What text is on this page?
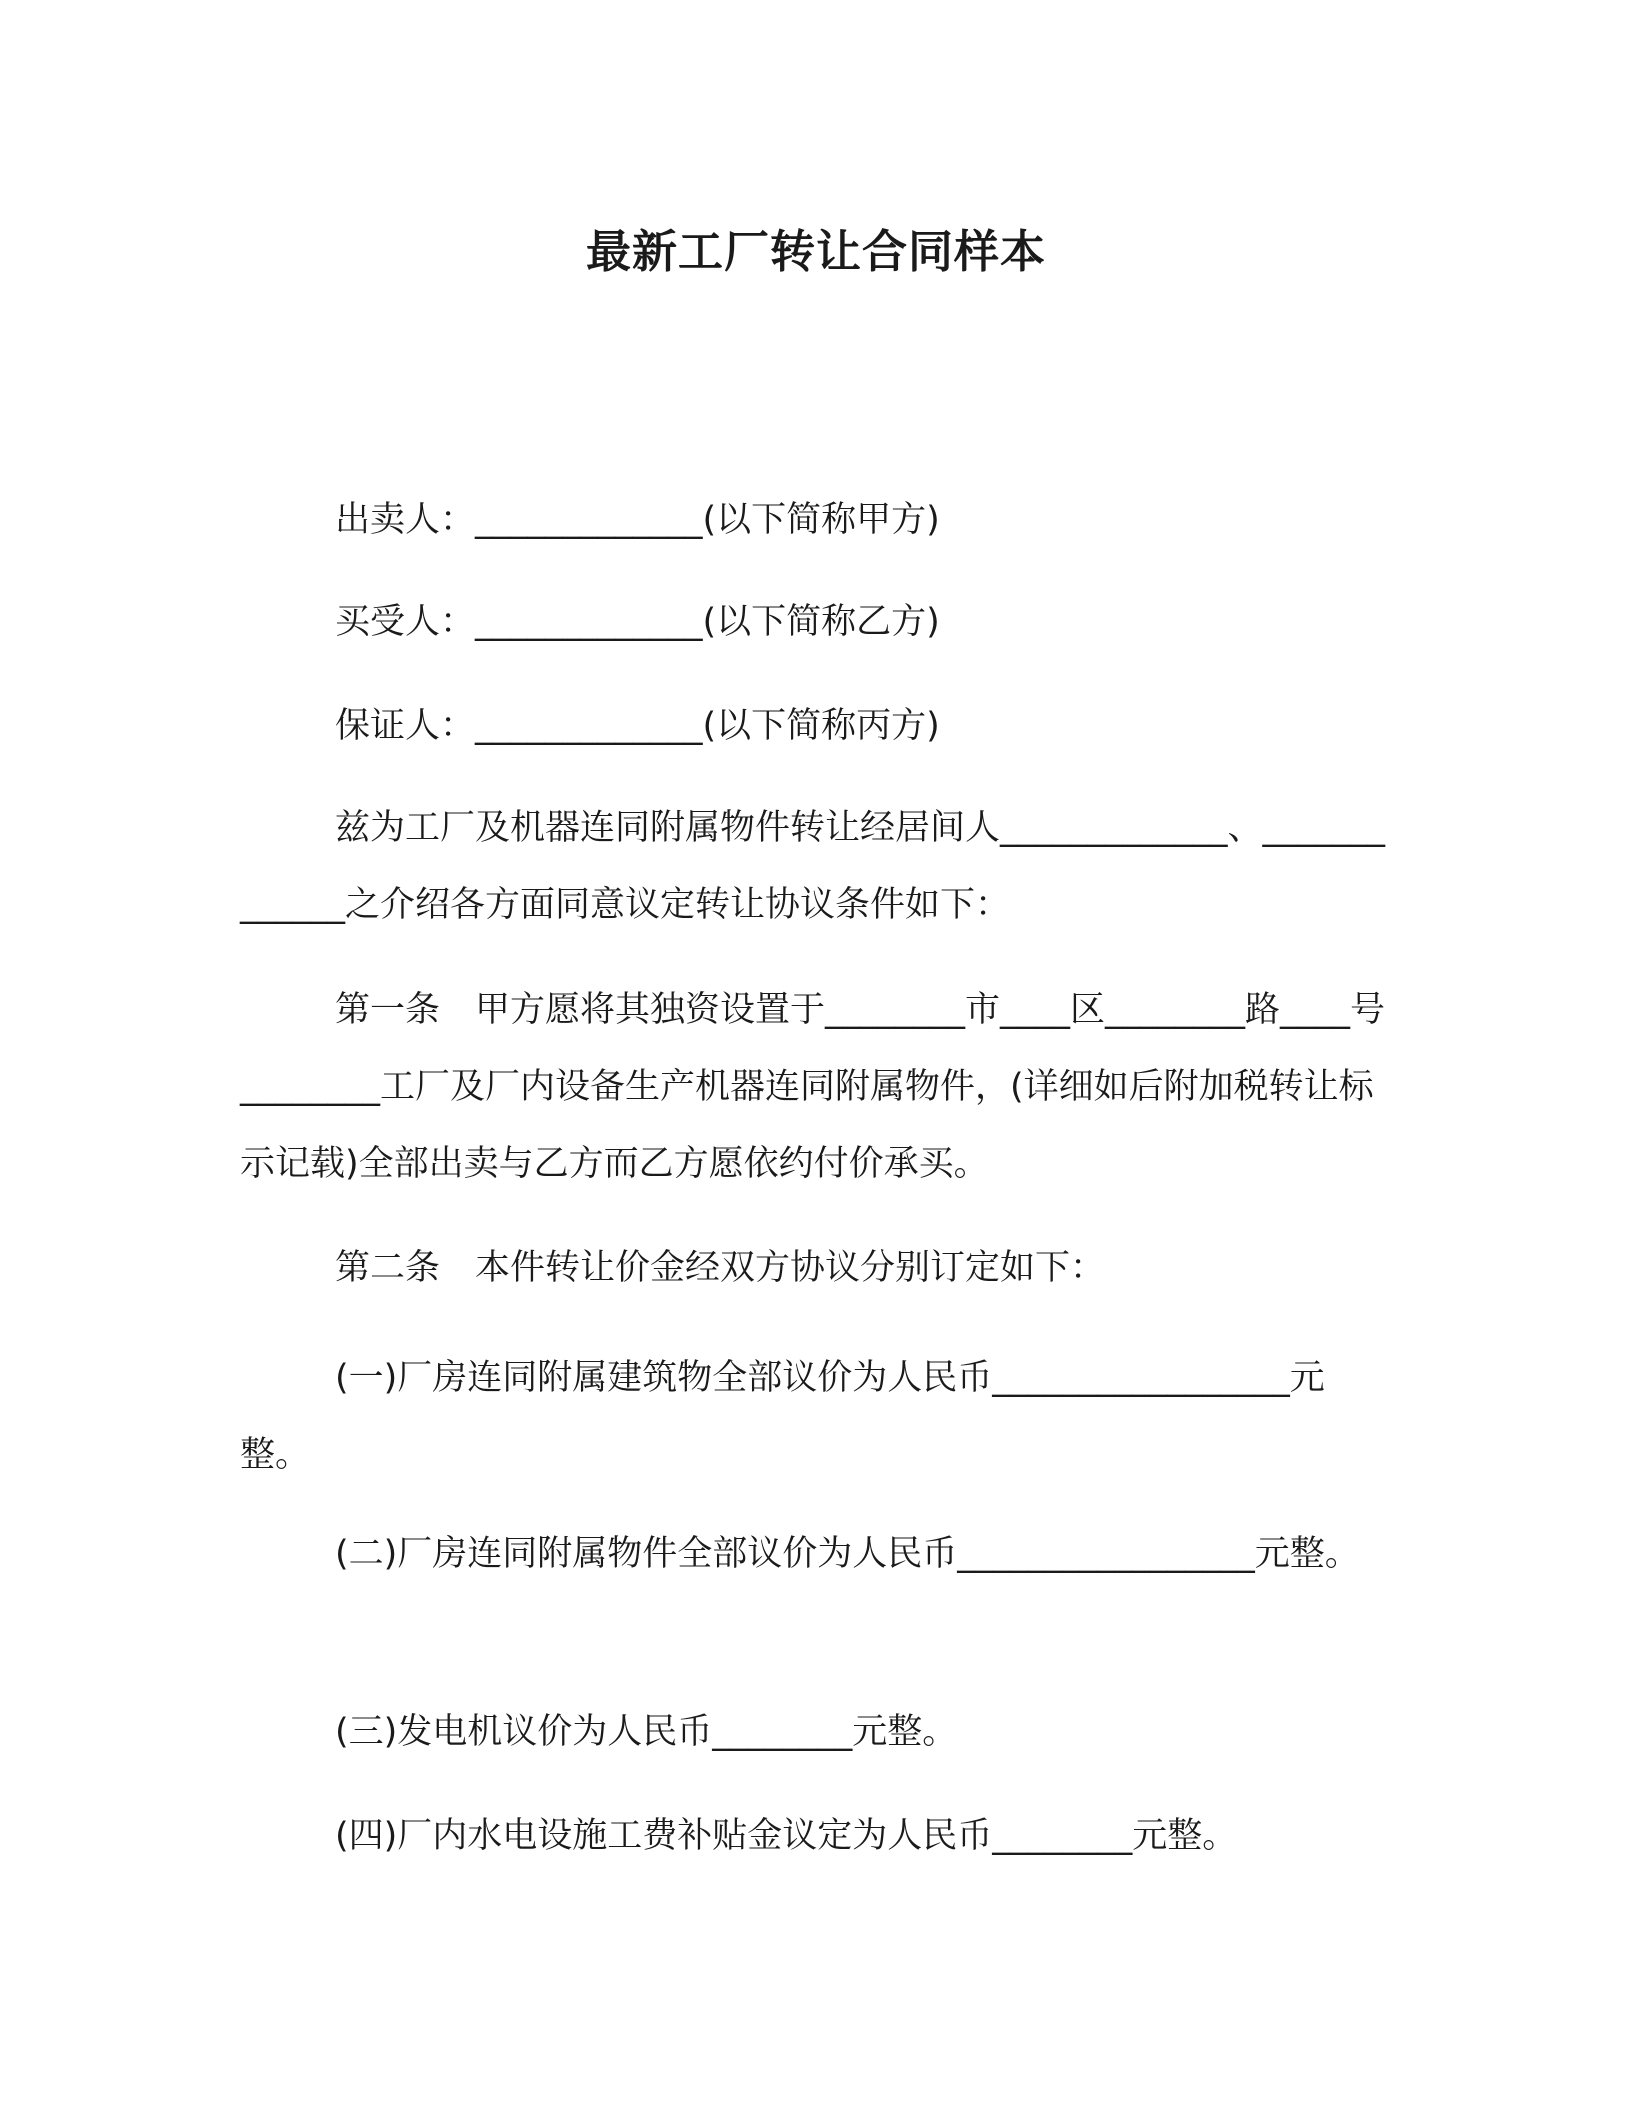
最新工厂转让合同样本
出卖人：_____________(以下简称甲方)
买受人：_____________(以下简称乙方)
保证人：_____________(以下简称丙方)

兹为工厂及机器连同附属物件转让经居间人_____________、_____________之介绍各方面同意议定转让协议条件如下：

第一条　甲方愿将其独资设置于________市____区________路____号________工厂及厂内设备生产机器连同附属物件，(详细如后附加税转让标示记载)全部出卖与乙方而乙方愿依约付价承买。

第二条　本件转让价金经双方协议分别订定如下：

(一)厂房连同附属建筑物全部议价为人民币_________________元整。

(二)厂房连同附属物件全部议价为人民币_________________元整。

(三)发电机议价为人民币________元整。

(四)厂内水电设施工费补贴金议定为人民币________元整。
